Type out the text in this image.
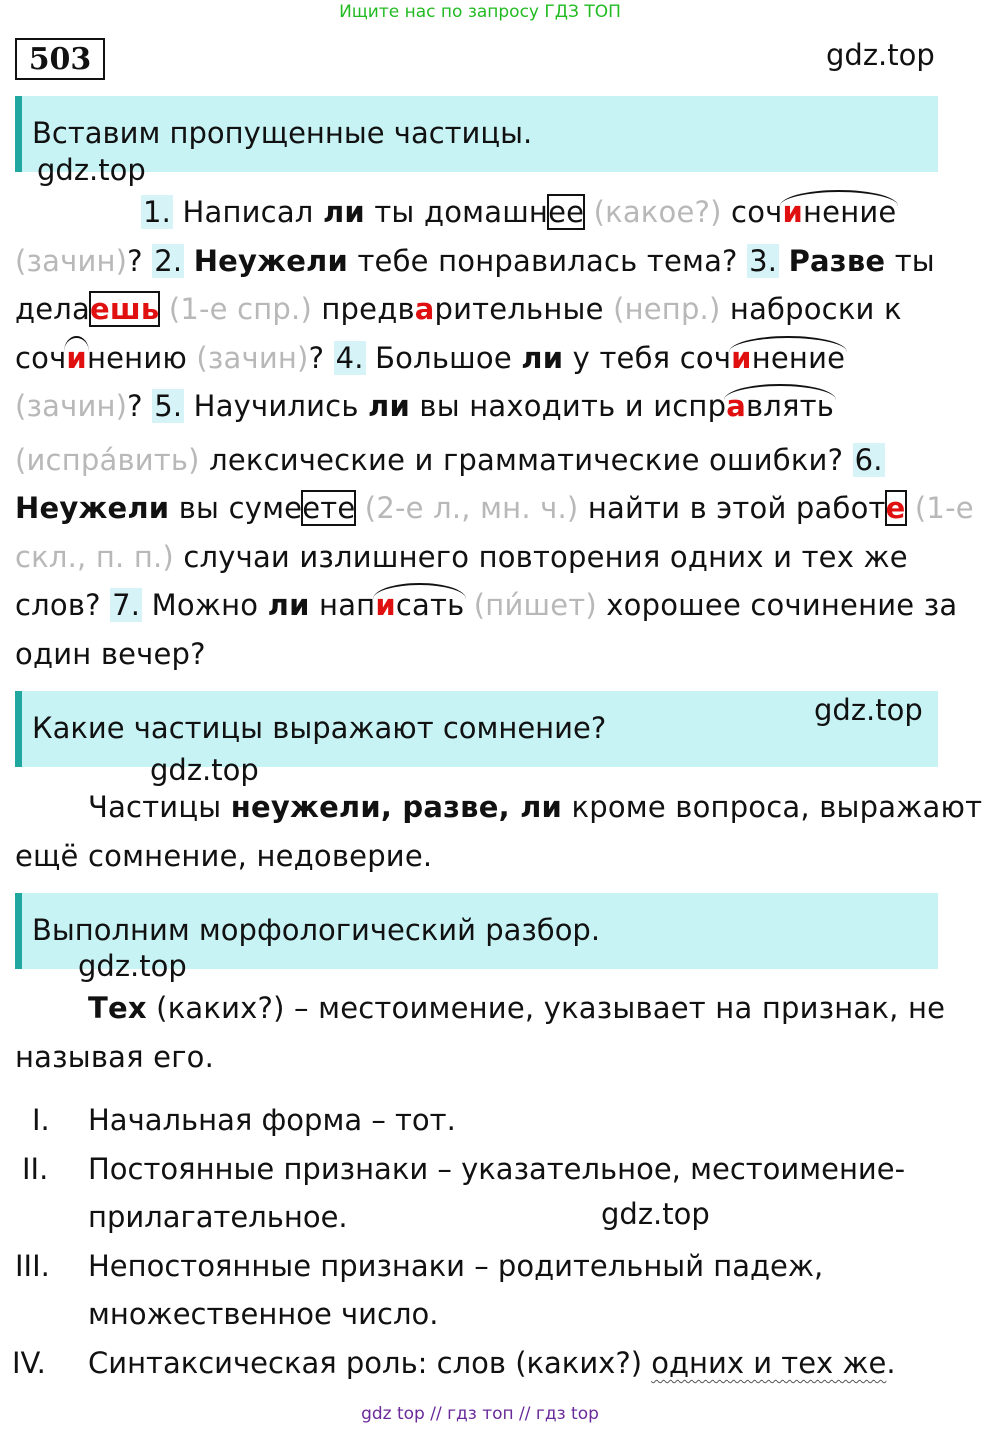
Ищите нас по запросу ГДЗ ТОП
503	gdz.top
Вставим пропущенные частицы.
gdz.top
1. Написал ли ты домашнее (какое?) сочинение
(зачин)? 2. Неужели тебе понравилась тема? 3. Разве ты
делаешь (1-е спр.) предварительные (непр.) наброски к
сочинению (зачин)? 4. Большое ли у тебя сочинение
(зачин)? 5. Научились ли вы находить и исправлять
(испра́вить) лексические и грамматические ошибки? 6.
Неужели вы сумеете (2-е л., мн. ч.) найти в этой работе (1-е
скл., п. п.) случаи излишнего повторения одних и тех же
слов? 7. Можно ли написать (пи́шет) хорошее сочинение за
один вечер?
Какие частицы выражают сомнение?
gdz.top
gdz.top
Частицы неужели, разве, ли кроме вопроса, выражают
ещё сомнение, недоверие.
Выполним морфологический разбор.
gdz.top
Тех (каких?) – местоимение, указывает на признак, не
называя его.
I.	Начальная форма – тот.
II.	Постоянные признаки – указательное, местоимение-
прилагательное.	gdz.top
III.	Непостоянные признаки – родительный падеж,
множественное число.
IV.	Синтаксическая роль: слов (каких?) одних и тех же.
gdz top // гдз топ // гдз top
